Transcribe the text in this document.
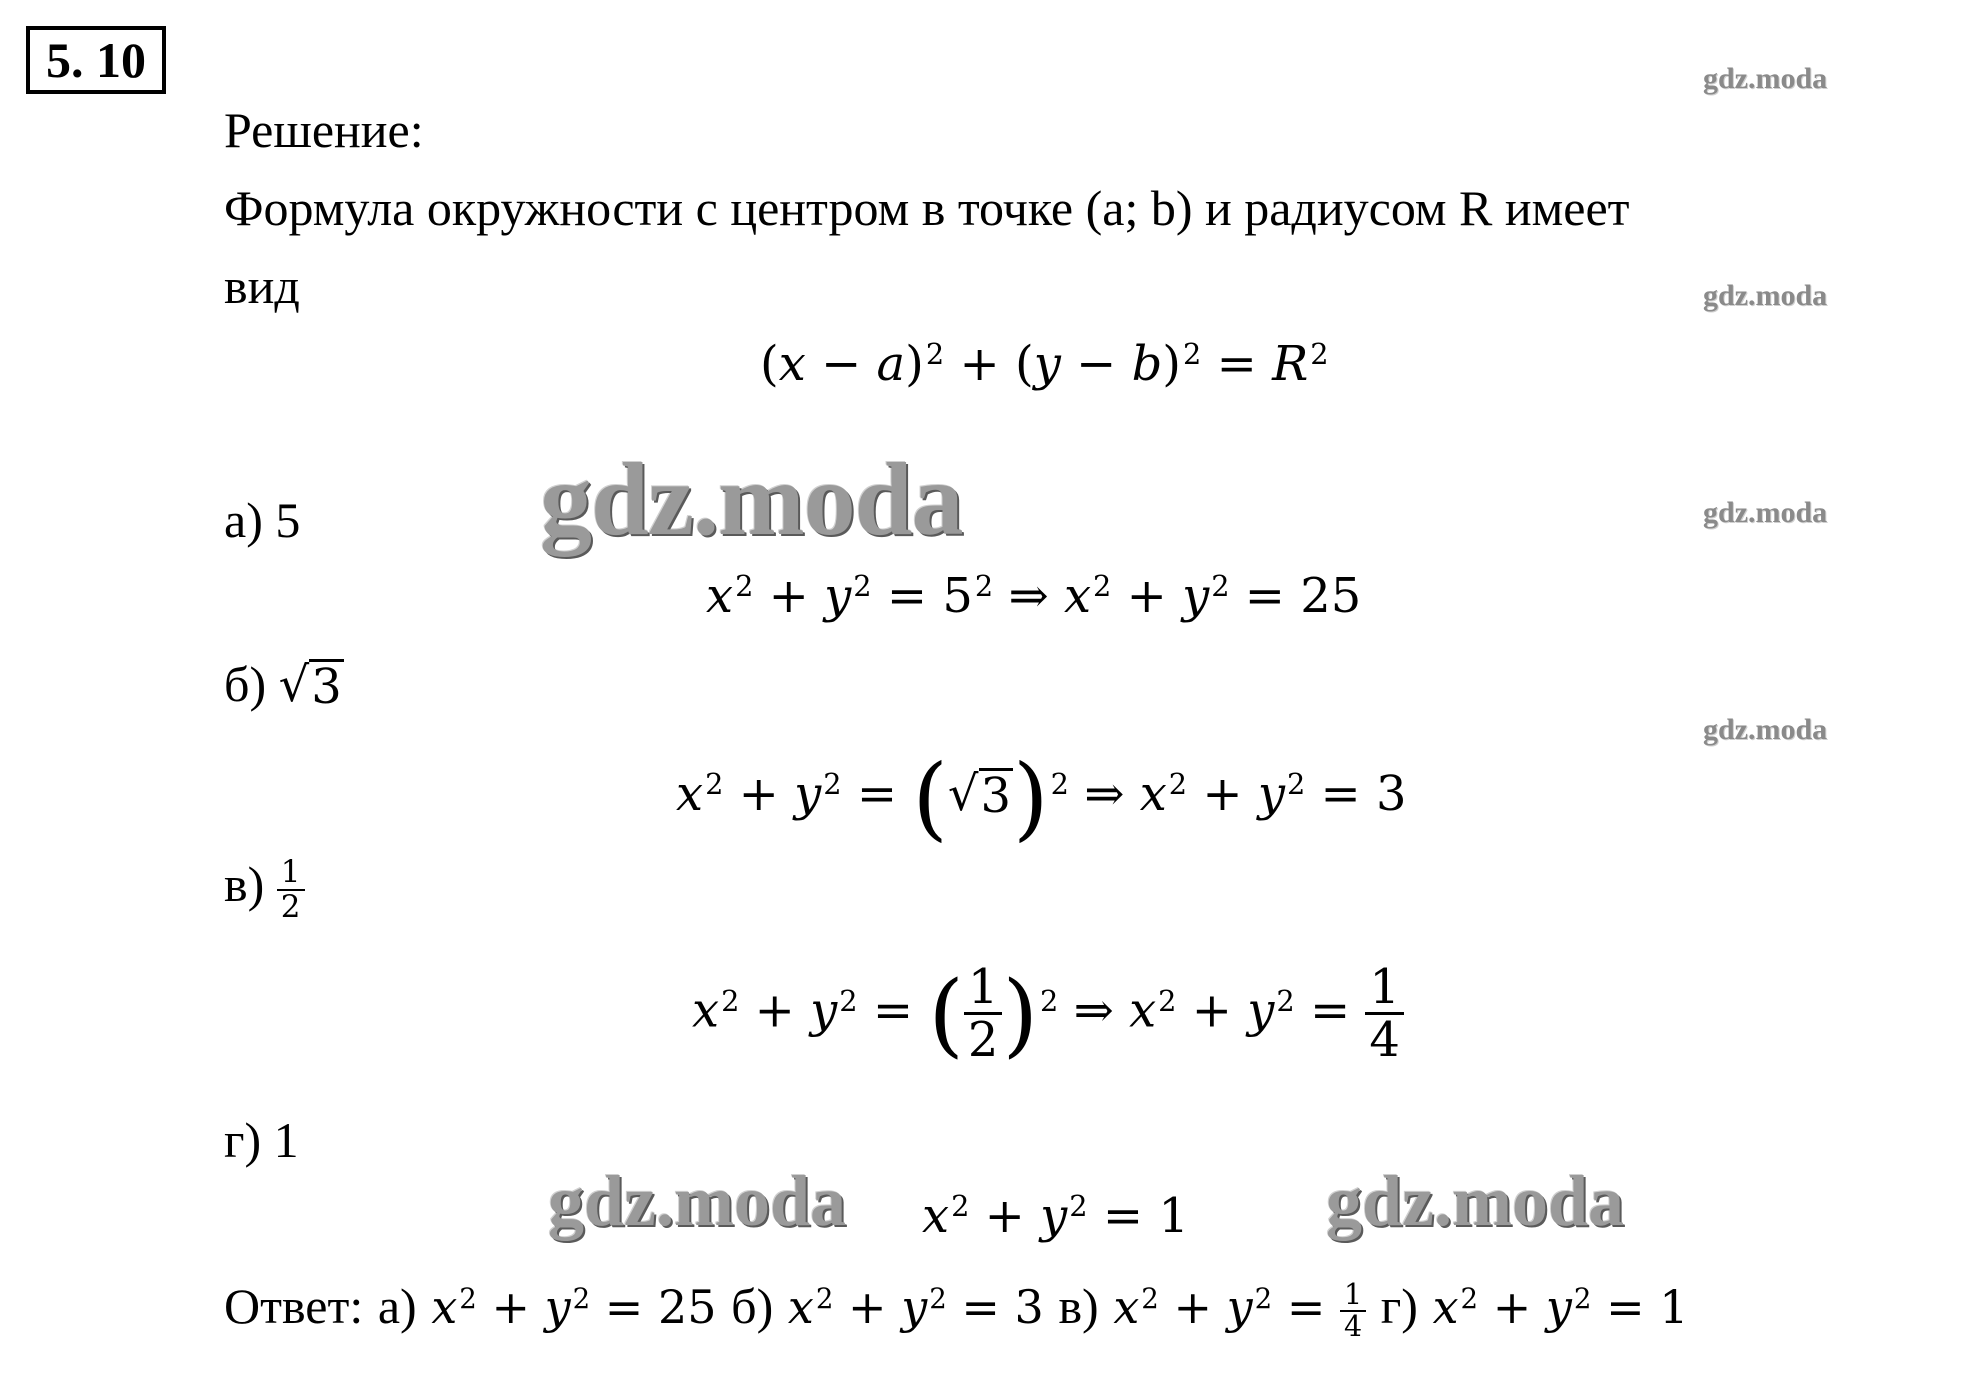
5. 10	gdz.moda
gdz.moda
gdz.moda
gdz.moda
Решение:
Формула окружности с центром в точке (a; b) и радиусом R имеет
вид
$(x - a)^2 + (y - b)^2 = R^2$
gdz.moda
а) 5
$x^2 + y^2 = 5^2$ ⇒ $x^2 + y^2 = 25$
б) √ 3
$x^2 + y^2$ = (√ 3 )$^2$ ⇒ $x^2 + y^2 = 3$
$в) \frac{1}{2}$
$x^2 + y^2$ = ( $\frac{1}{2} )^2$ ⇒ $x^2 + y^2 = \frac{1}{4}$
г) 1
gdz.moda $x^2 + y^2 = 1$ gdz.moda
Ответ: а) $x^2 + y^2 = 25$ б) $x^2 + y^2 = 3$ в) $x^2 + y^2 = \frac{1}{4} г$) $x^2 + y^2 = 1$
